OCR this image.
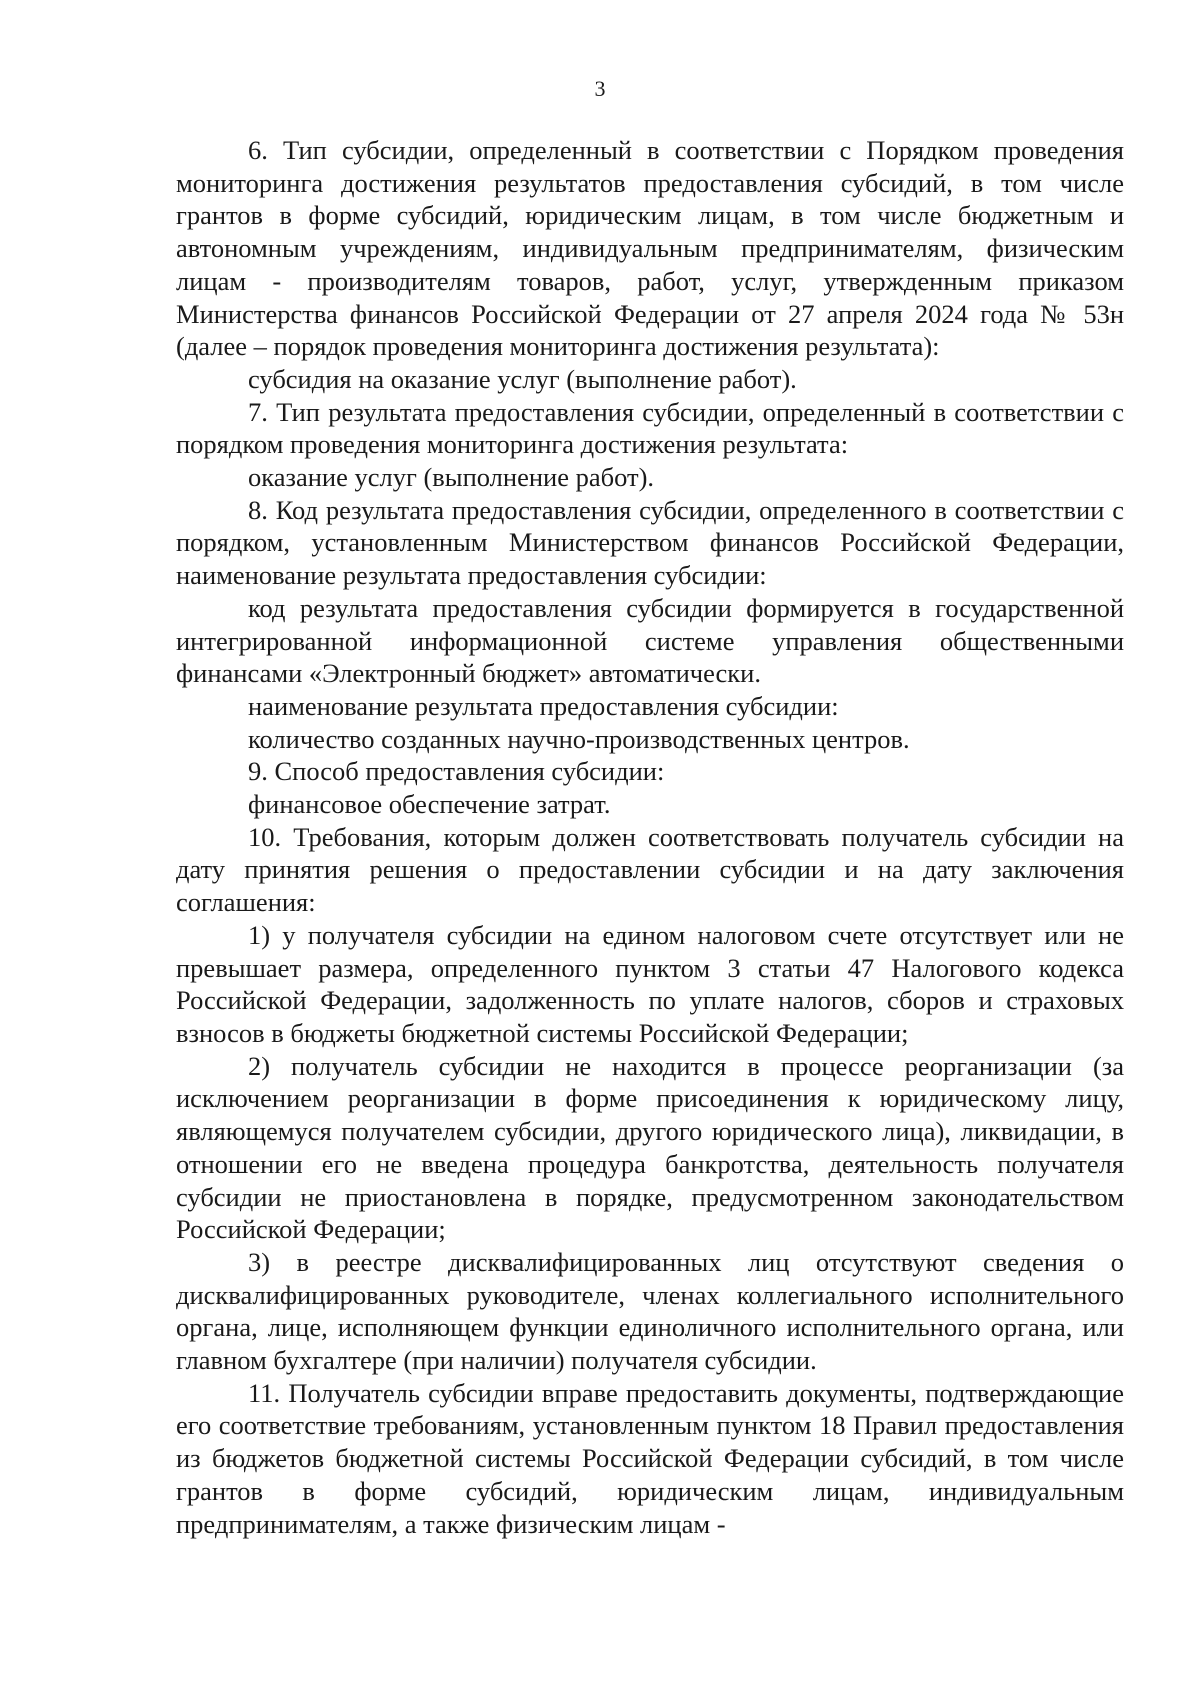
3

6. Тип субсидии, определенный в соответствии с Порядком проведения мониторинга достижения результатов предоставления субсидий, в том числе грантов в форме субсидий, юридическим лицам, в том числе бюджетным и автономным учреждениям, индивидуальным предпринимателям, физическим лицам - производителям товаров, работ, услуг, утвержденным приказом Министерства финансов Российской Федерации от 27 апреля 2024 года № 53н (далее – порядок проведения мониторинга достижения результата):

субсидия на оказание услуг (выполнение работ).

7. Тип результата предоставления субсидии, определенный в соответствии с порядком проведения мониторинга достижения результата:

оказание услуг (выполнение работ).

8. Код результата предоставления субсидии, определенного в соответствии с порядком, установленным Министерством финансов Российской Федерации, наименование результата предоставления субсидии:

код результата предоставления субсидии формируется в государственной интегрированной информационной системе управления общественными финансами «Электронный бюджет» автоматически.

наименование результата предоставления субсидии:

количество созданных научно-производственных центров.

9. Способ предоставления субсидии:

финансовое обеспечение затрат.

10. Требования, которым должен соответствовать получатель субсидии на дату принятия решения о предоставлении субсидии и на дату заключения соглашения:

1) у получателя субсидии на едином налоговом счете отсутствует или не превышает размера, определенного пунктом 3 статьи 47 Налогового кодекса Российской Федерации, задолженность по уплате налогов, сборов и страховых взносов в бюджеты бюджетной системы Российской Федерации;

2) получатель субсидии не находится в процессе реорганизации (за исключением реорганизации в форме присоединения к юридическому лицу, являющемуся получателем субсидии, другого юридического лица), ликвидации, в отношении его не введена процедура банкротства, деятельность получателя субсидии не приостановлена в порядке, предусмотренном законодательством Российской Федерации;

3) в реестре дисквалифицированных лиц отсутствуют сведения о дисквалифицированных руководителе, членах коллегиального исполнительного органа, лице, исполняющем функции единоличного исполнительного органа, или главном бухгалтере (при наличии) получателя субсидии.

11. Получатель субсидии вправе предоставить документы, подтверждающие его соответствие требованиям, установленным пунктом 18 Правил предоставления из бюджетов бюджетной системы Российской Федерации субсидий, в том числе грантов в форме субсидий, юридическим лицам, индивидуальным предпринимателям, а также физическим лицам -
